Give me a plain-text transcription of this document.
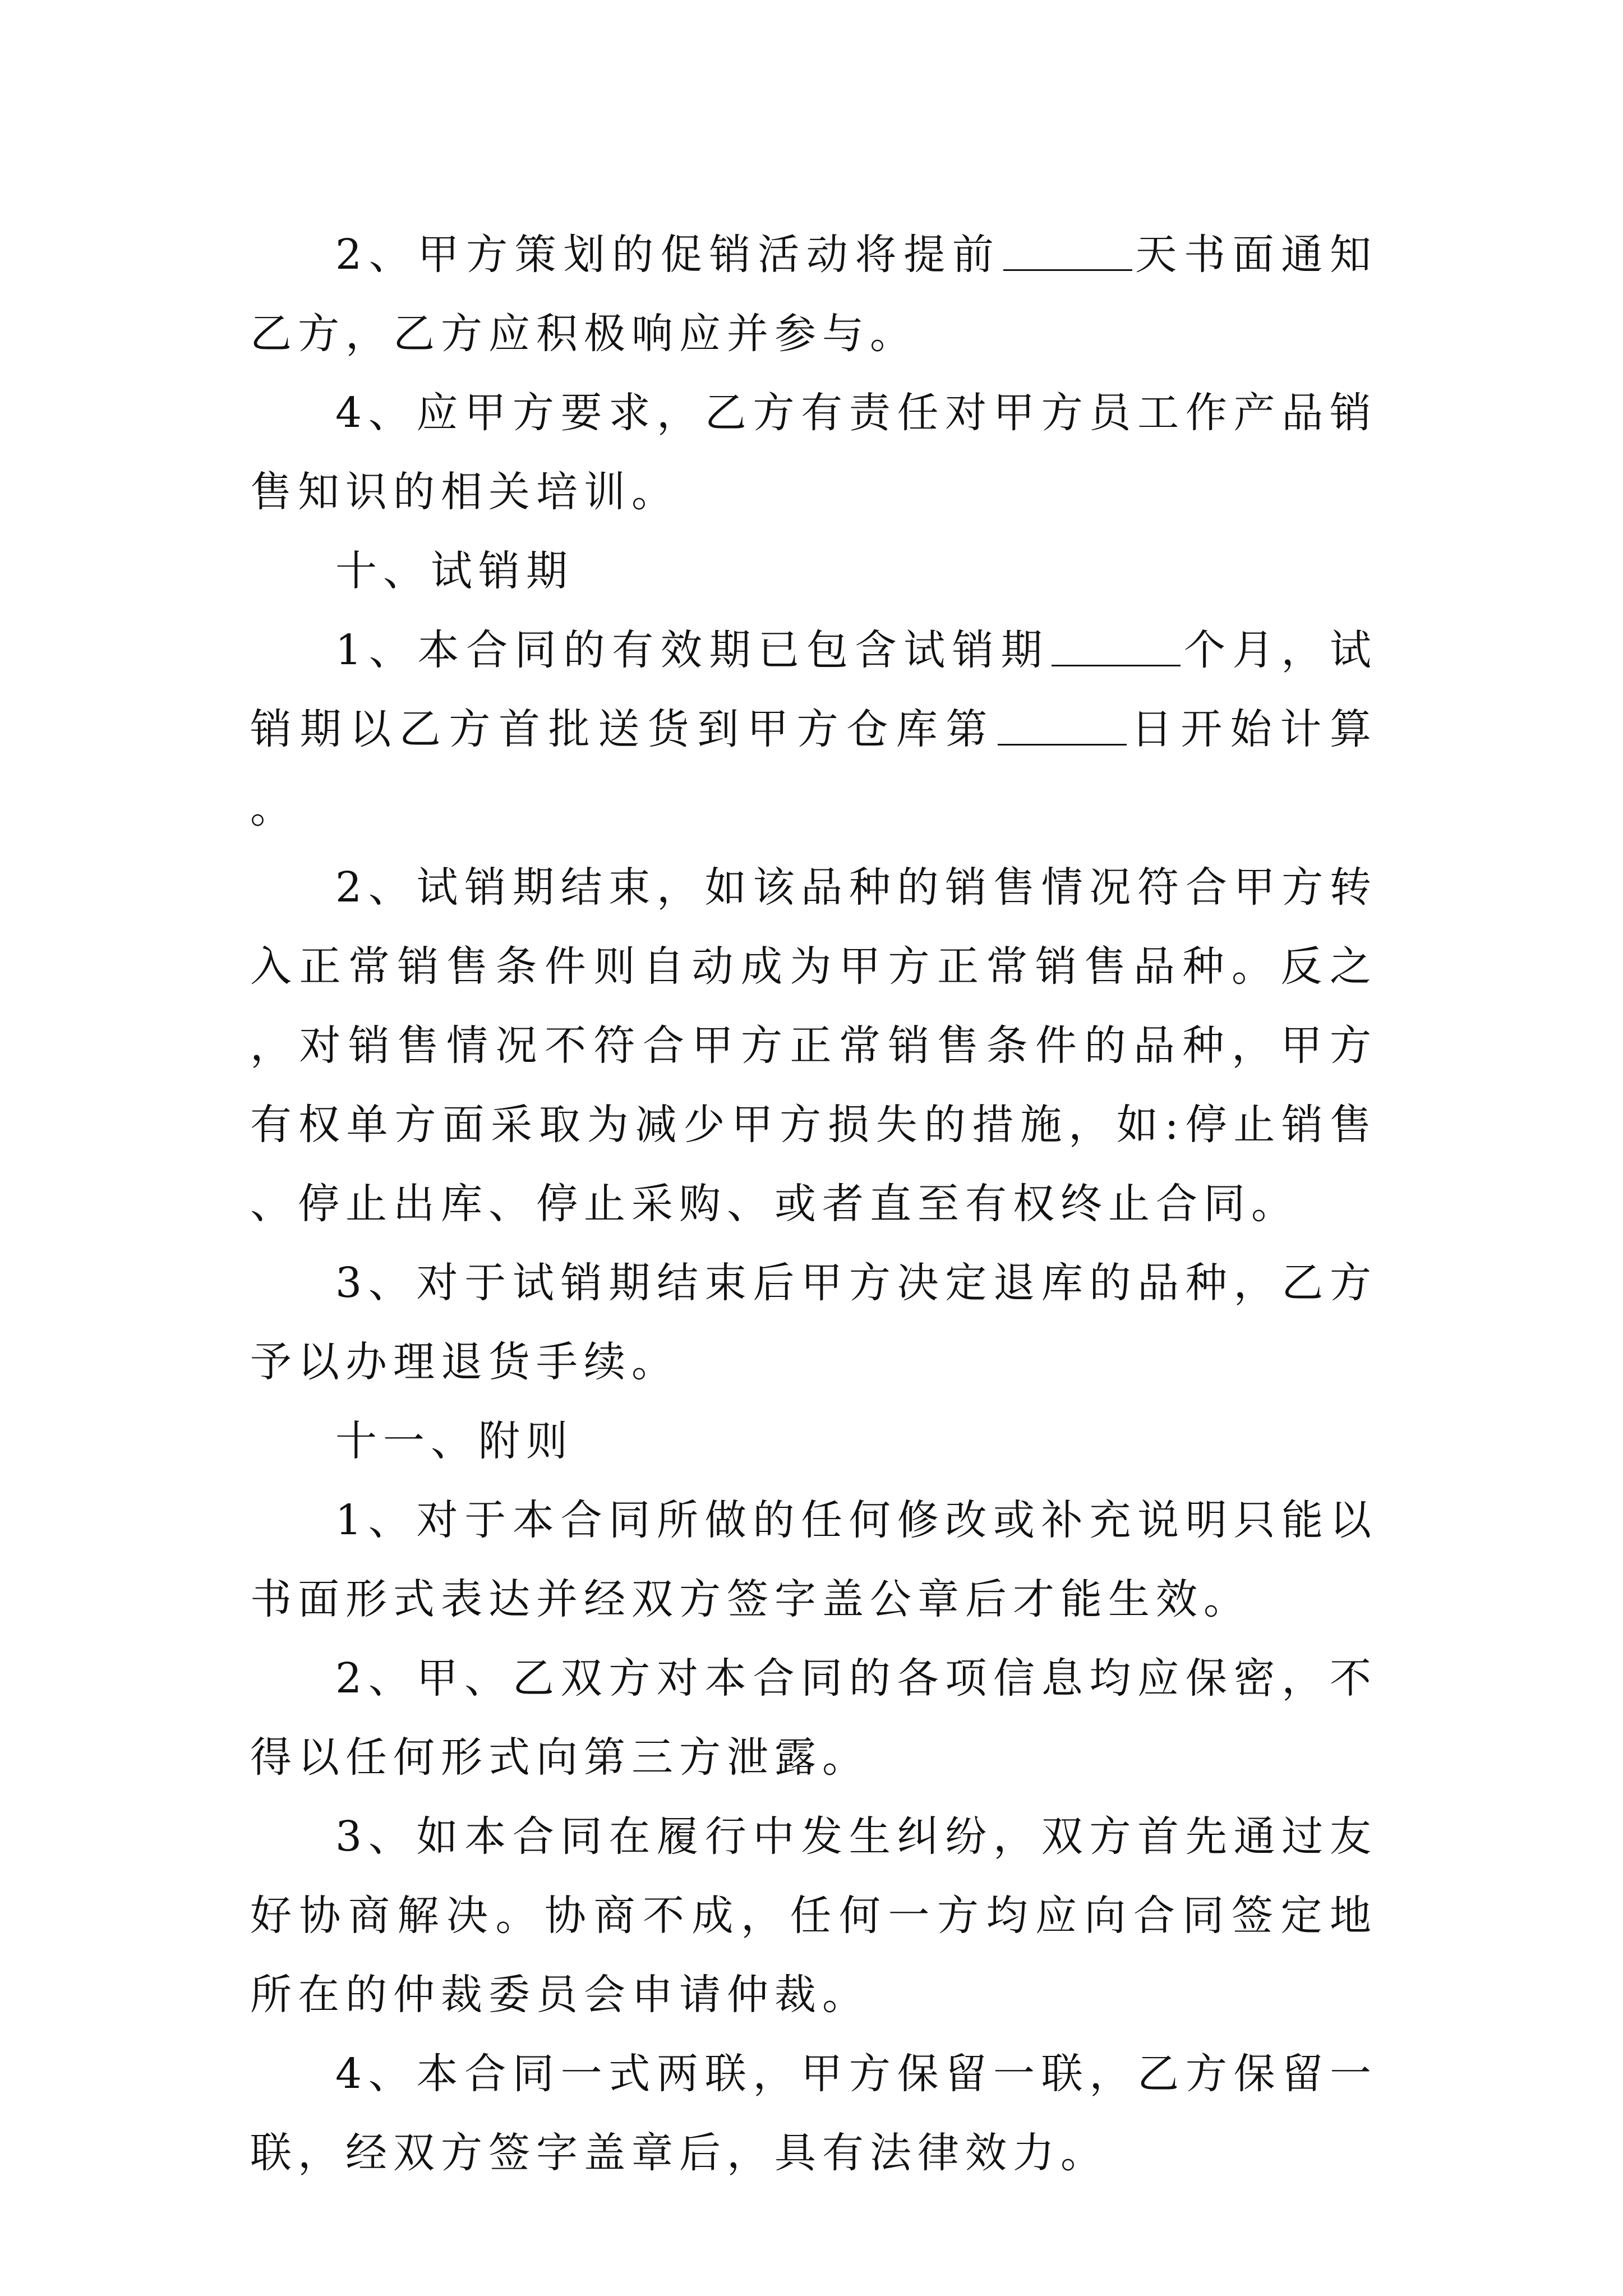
2、甲方策划的促销活动将提前	天书面通知乙方，乙方应积极响应并参与。

4、应甲方要求，乙方有责任对甲方员工作产品销售知识的相关培训。

十、试销期

1、本合同的有效期已包含试销期	个月，试销期以乙方首批送货到甲方仓库第	日开始计算。

2、试销期结束，如该品种的销售情况符合甲方转入正常销售条件则自动成为甲方正常销售品种。反之，对销售情况不符合甲方正常销售条件的品种，甲方有权单方面采取为减少甲方损失的措施，如:停止销售、停止出库、停止采购、或者直至有权终止合同。

3、对于试销期结束后甲方决定退库的品种，乙方予以办理退货手续。

十一、附则

1、对于本合同所做的任何修改或补充说明只能以书面形式表达并经双方签字盖公章后才能生效。

2、甲、乙双方对本合同的各项信息均应保密，不得以任何形式向第三方泄露。

3、如本合同在履行中发生纠纷，双方首先通过友好协商解决。协商不成，任何一方均应向合同签定地所在的仲裁委员会申请仲裁。

4、本合同一式两联，甲方保留一联，乙方保留一联，经双方签字盖章后，具有法律效力。
